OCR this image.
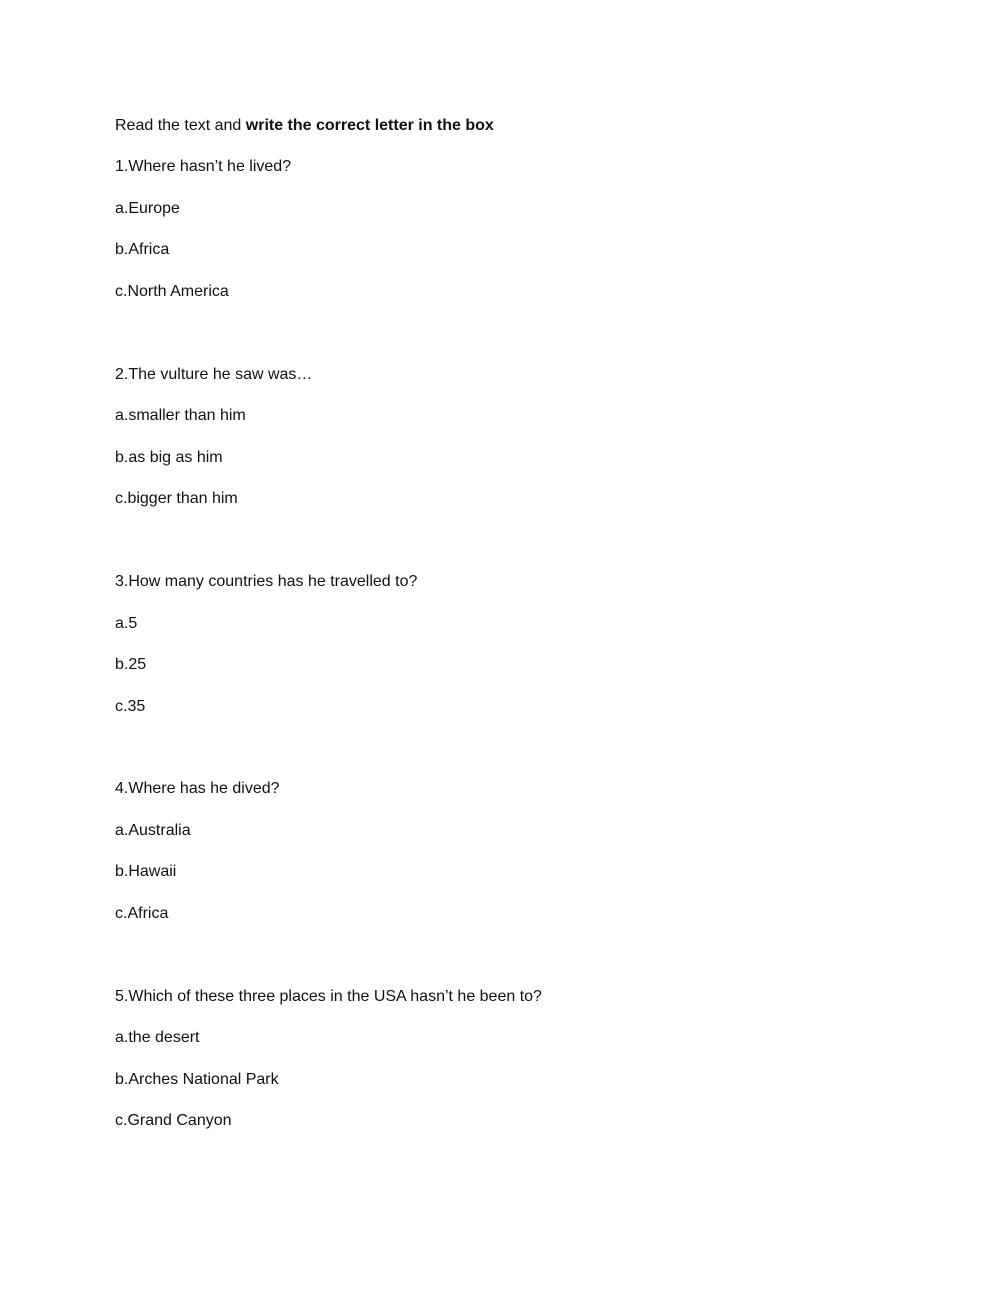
Read the text and write the correct letter in the box
1.Where hasn’t he lived?
a.Europe
b.Africa
c.North America
2.The vulture he saw was…
a.smaller than him
b.as big as him
c.bigger than him
3.How many countries has he travelled to?
a.5
b.25
c.35
4.Where has he dived?
a.Australia
b.Hawaii
c.Africa
5.Which of these three places in the USA hasn’t he been to?
a.the desert
b.Arches National Park
c.Grand Canyon
